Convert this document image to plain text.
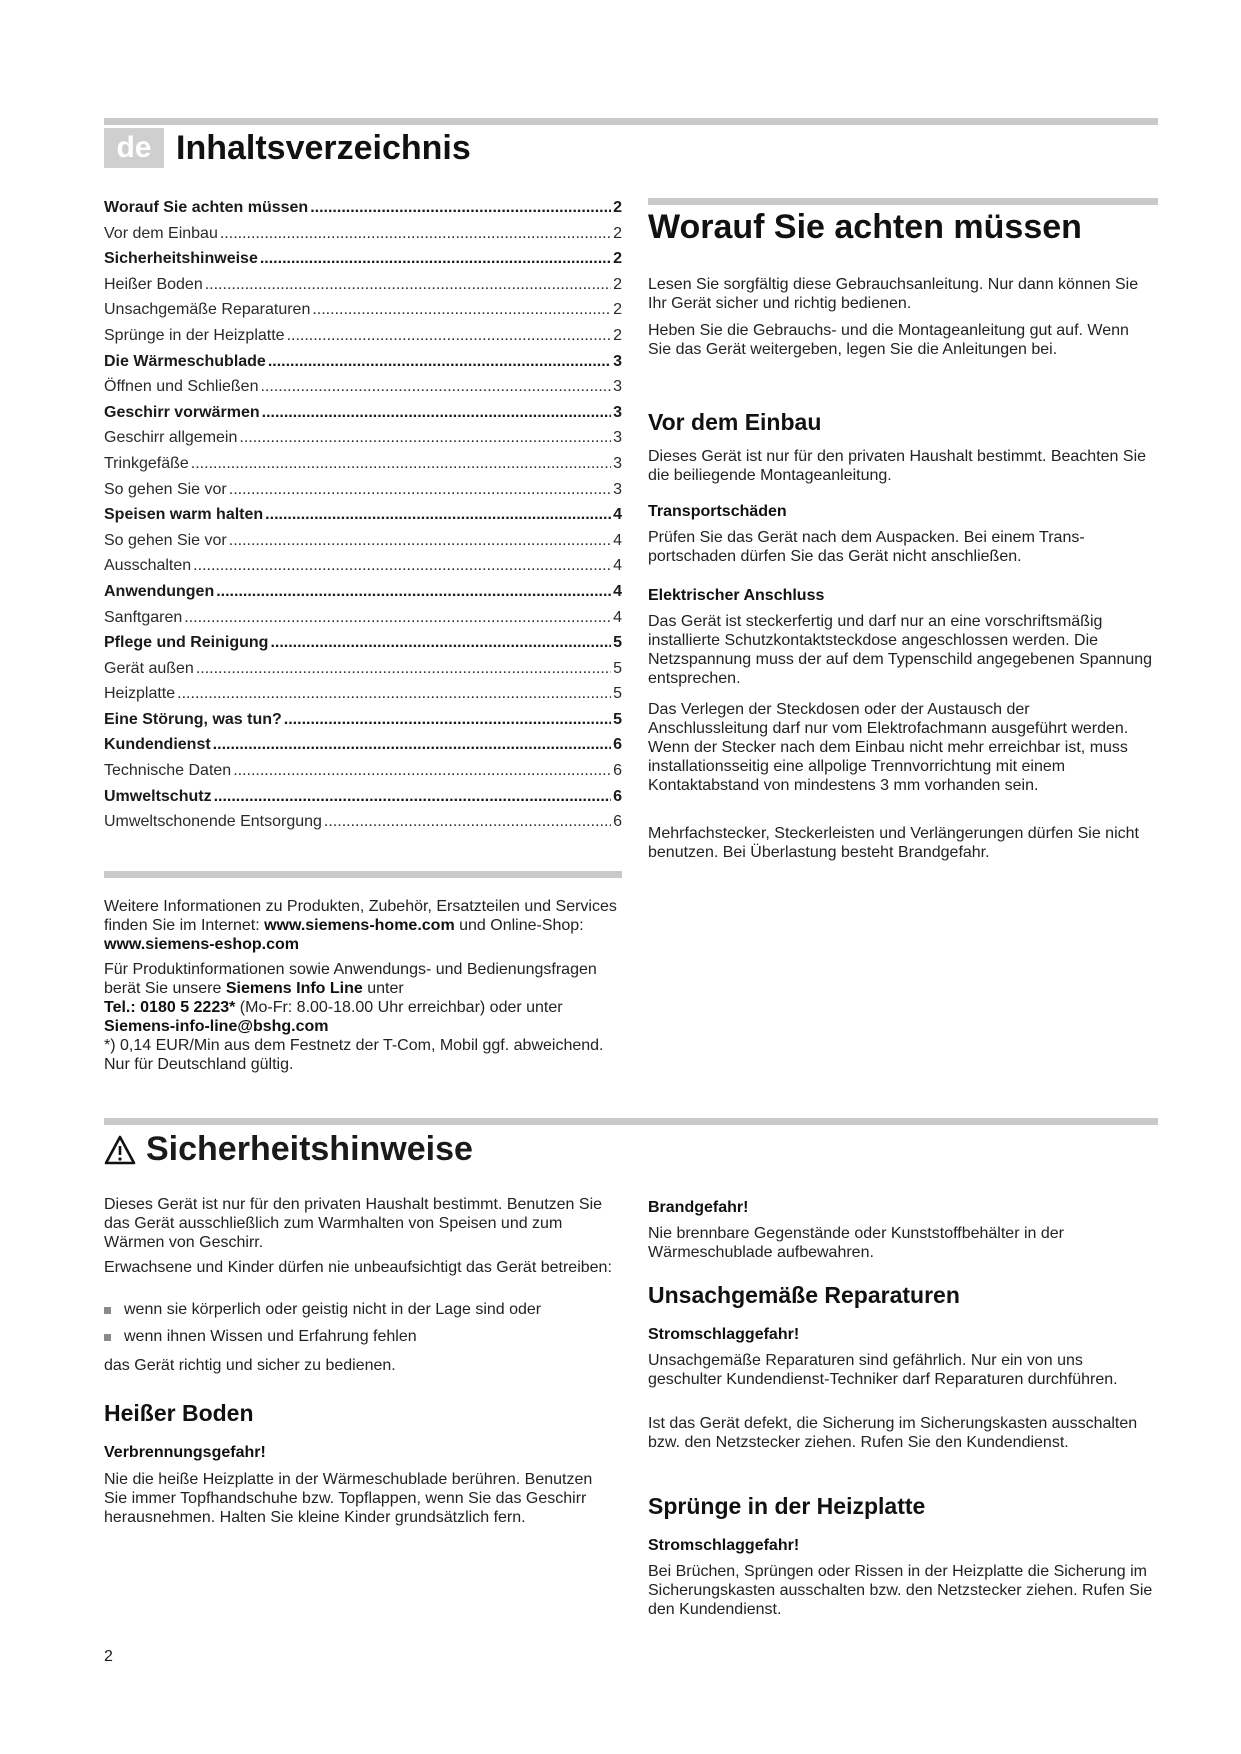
de Inhaltsverzeichnis
Worauf Sie achten müssen .....	2
Vor dem Einbau .....	2
Sicherheitshinweise .....	2
Heißer Boden .....	2
Unsachgemäße Reparaturen .....	2
Sprünge in der Heizplatte .....	2
Die Wärmeschublade .....	3
Öffnen und Schließen .....	3
Geschirr vorwärmen .....	3
Geschirr allgemein .....	3
Trinkgefäße .....	3
So gehen Sie vor .....	3
Speisen warm halten .....	4
So gehen Sie vor .....	4
Ausschalten .....	4
Anwendungen .....	4
Sanftgaren .....	4
Pflege und Reinigung .....	5
Gerät außen .....	5
Heizplatte .....	5
Eine Störung, was tun? .....	5
Kundendienst .....	6
Technische Daten .....	6
Umweltschutz .....	6
Umweltschonende Entsorgung .....	6
Worauf Sie achten müssen

Lesen Sie sorgfältig diese Gebrauchsanleitung. Nur dann können Sie Ihr Gerät sicher und richtig bedienen.

Heben Sie die Gebrauchs- und die Montageanleitung gut auf. Wenn Sie das Gerät weitergeben, legen Sie die Anleitungen bei.

Vor dem Einbau

Dieses Gerät ist nur für den privaten Haushalt bestimmt. Beachten Sie die beiliegende Montageanleitung.

Transportschäden

Prüfen Sie das Gerät nach dem Auspacken. Bei einem Transportschaden dürfen Sie das Gerät nicht anschließen.

Elektrischer Anschluss

Das Gerät ist steckerfertig und darf nur an eine vorschriftsmäßig installierte Schutzkontaktsteckdose angeschlossen werden. Die Netzspannung muss der auf dem Typenschild angegebenen Spannung entsprechen.

Das Verlegen der Steckdosen oder der Austausch der Anschlussleitung darf nur vom Elektrofachmann ausgeführt werden. Wenn der Stecker nach dem Einbau nicht mehr erreichbar ist, muss installationsseitig eine allpolige Trennvorrichtung mit einem Kontaktabstand von mindestens 3 mm vorhanden sein.

Mehrfachstecker, Steckerleisten und Verlängerungen dürfen Sie nicht benutzen. Bei Überlastung besteht Brandgefahr.

Weitere Informationen zu Produkten, Zubehör, Ersatzteilen und Services finden Sie im Internet: www.siemens-home.com und Online-Shop: www.siemens-eshop.com

Für Produktinformationen sowie Anwendungs- und Bedienungsfragen berät Sie unsere Siemens Info Line unter
Tel.: 0180 5 2223* (Mo-Fr: 8.00-18.00 Uhr erreichbar) oder unter Siemens-info-line@bshg.com
*) 0,14 EUR/Min aus dem Festnetz der T-Com, Mobil ggf. abweichend. Nur für Deutschland gültig.

Sicherheitshinweise

Dieses Gerät ist nur für den privaten Haushalt bestimmt. Benutzen Sie das Gerät ausschließlich zum Warmhalten von Speisen und zum Wärmen von Geschirr.

Erwachsene und Kinder dürfen nie unbeaufsichtigt das Gerät betreiben:

wenn sie körperlich oder geistig nicht in der Lage sind oder
wenn ihnen Wissen und Erfahrung fehlen

das Gerät richtig und sicher zu bedienen.

Heißer Boden
Verbrennungsgefahr!

Nie die heiße Heizplatte in der Wärmeschublade berühren. Benutzen Sie immer Topfhandschuhe bzw. Topflappen, wenn Sie das Geschirr herausnehmen. Halten Sie kleine Kinder grundsätzlich fern.

Brandgefahr!

Nie brennbare Gegenstände oder Kunststoffbehälter in der Wärmeschublade aufbewahren.

Unsachgemäße Reparaturen
Stromschlaggefahr!

Unsachgemäße Reparaturen sind gefährlich. Nur ein von uns geschulter Kundendienst-Techniker darf Reparaturen durchführen.

Ist das Gerät defekt, die Sicherung im Sicherungskasten ausschalten bzw. den Netzstecker ziehen. Rufen Sie den Kundendienst.

Sprünge in der Heizplatte
Stromschlaggefahr!

Bei Brüchen, Sprüngen oder Rissen in der Heizplatte die Sicherung im Sicherungskasten ausschalten bzw. den Netzstecker ziehen. Rufen Sie den Kundendienst.

2
